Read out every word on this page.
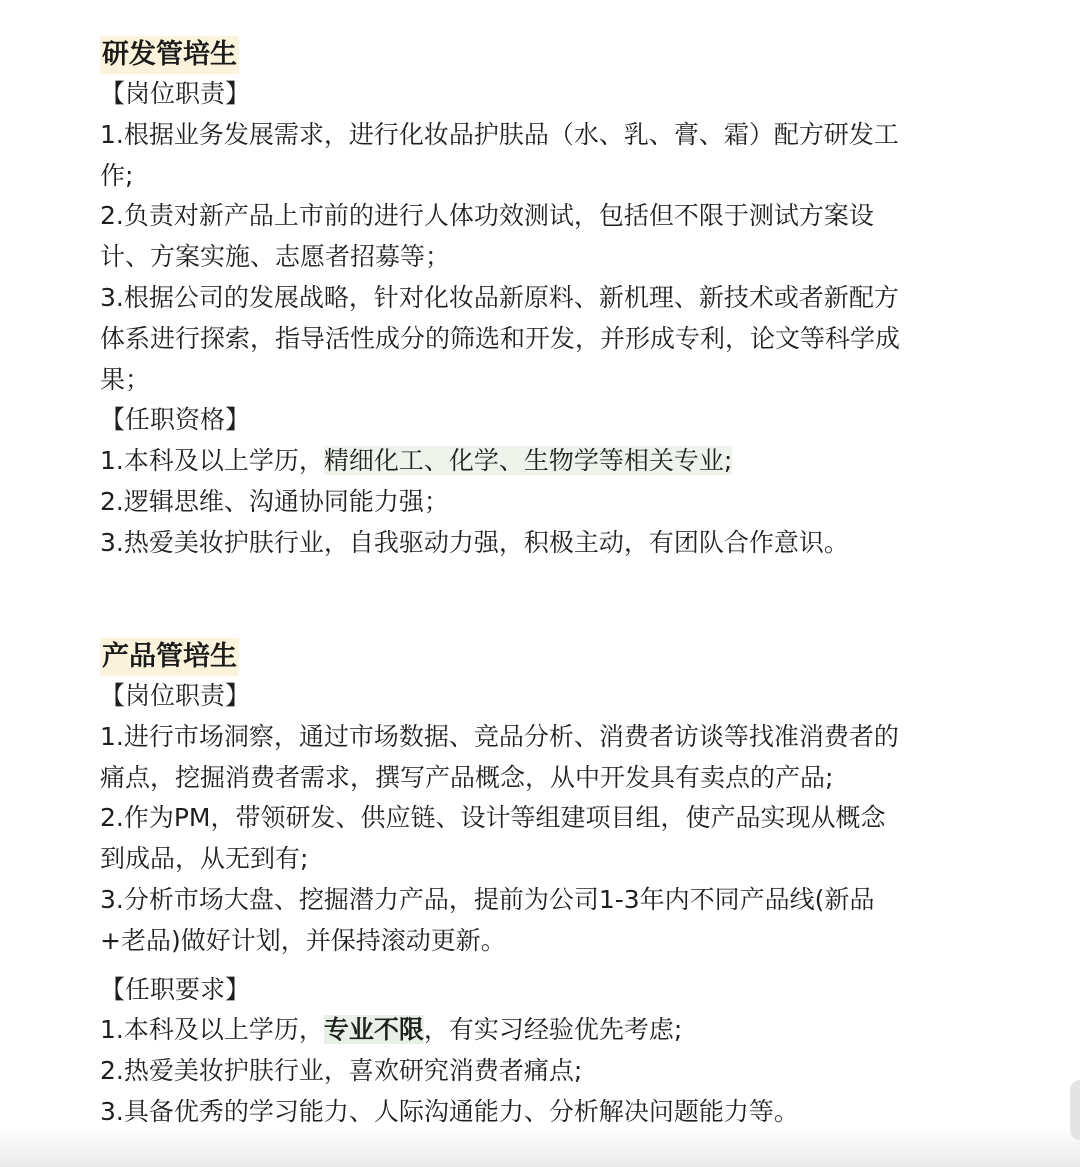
研发管培生
【岗位职责】
1.根据业务发展需求，进行化妆品护肤品（水、乳、膏、霜）配方研发工
作;
2.负责对新产品上市前的进行人体功效测试，包括但不限于测试方案设
计、方案实施、志愿者招募等；
3.根据公司的发展战略，针对化妆品新原料、新机理、新技术或者新配方
体系进行探索，指导活性成分的筛选和开发，并形成专利，论文等科学成
果；
【任职资格】
1.本科及以上学历，精细化工、化学、生物学等相关专业;
2.逻辑思维、沟通协同能力强；
3.热爱美妆护肤行业，自我驱动力强，积极主动，有团队合作意识。
产品管培生
【岗位职责】
1.进行市场洞察，通过市场数据、竞品分析、消费者访谈等找准消费者的
痛点，挖掘消费者需求，撰写产品概念，从中开发具有卖点的产品;
2.作为PM，带领研发、供应链、设计等组建项目组，使产品实现从概念
到成品，从无到有;
3.分析市场大盘、挖掘潜力产品，提前为公司1-3年内不同产品线(新品
+老品)做好计划，并保持滚动更新。
【任职要求】
1.本科及以上学历，专业不限，有实习经验优先考虑;
2.热爱美妆护肤行业，喜欢研究消费者痛点;
3.具备优秀的学习能力、人际沟通能力、分析解决问题能力等。
